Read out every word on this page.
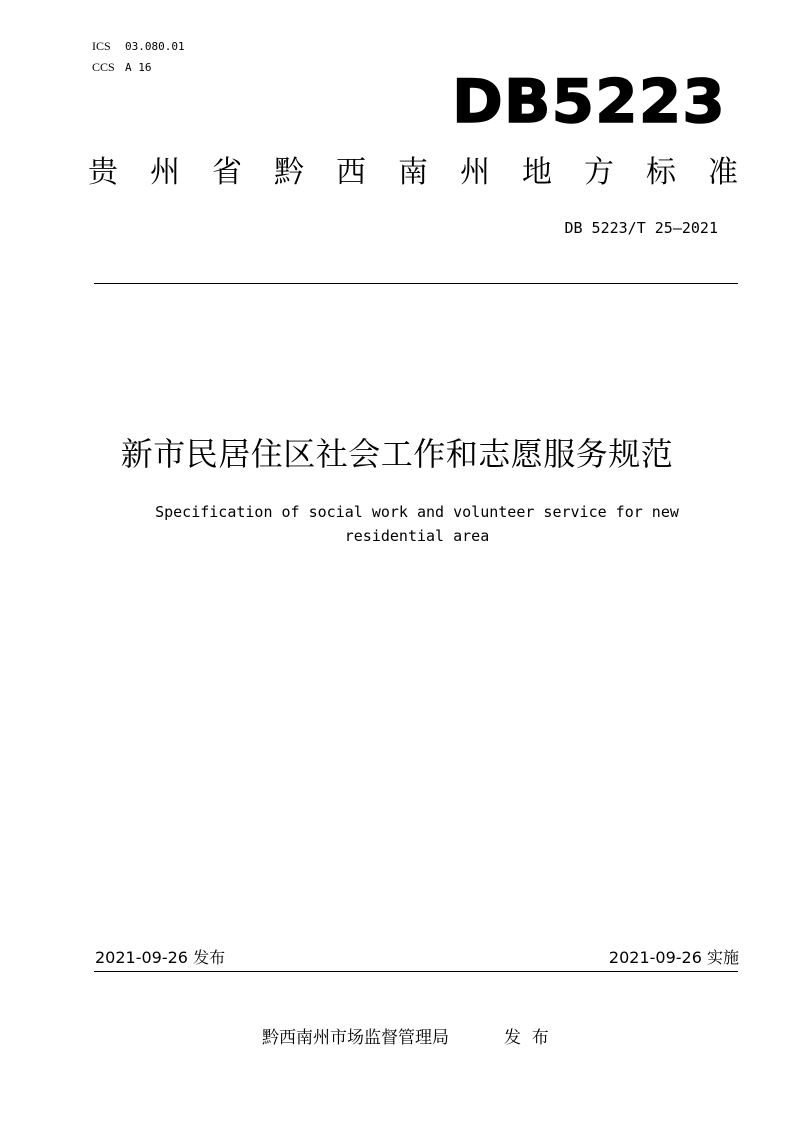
ICS 03.080.01
CCS A 16	DB5223
贵 州 省 黔 西 南 州 地 方 标 准
DB 5223/T 25—2021
新市民居住区社会工作和志愿服务规范
Specification of social work and volunteer service for new
residential area
2021-09-26 发布	2021-09-26 实施
黔西南州市场监督管理局	发  布
